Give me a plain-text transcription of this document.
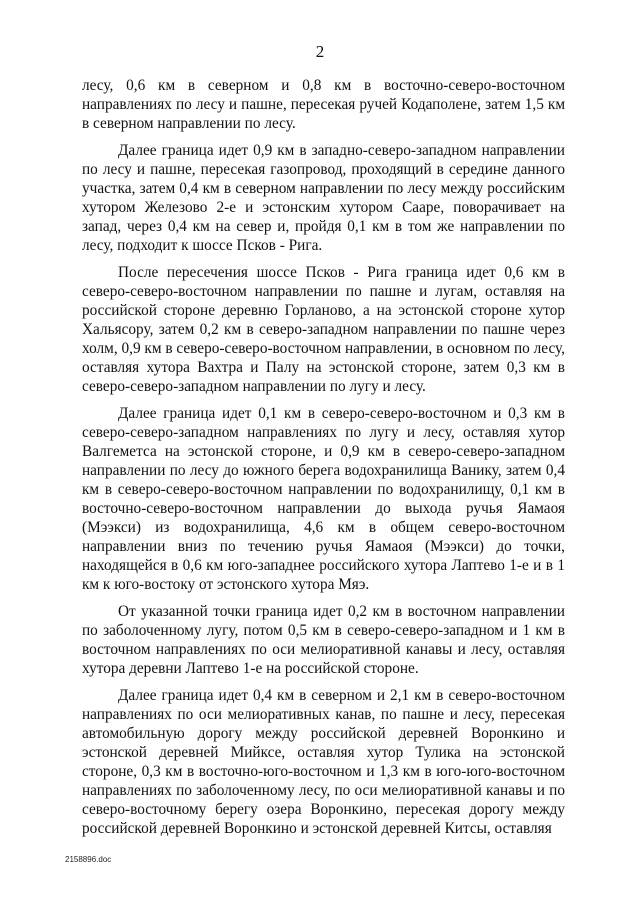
2

лесу, 0,6 км в северном и 0,8 км в восточно-северо-восточном направлениях по лесу и пашне, пересекая ручей Кодаполене, затем 1,5 км в северном направлении по лесу.

Далее граница идет 0,9 км в западно-северо-западном направлении по лесу и пашне, пересекая газопровод, проходящий в середине данного участка, затем 0,4 км в северном направлении по лесу между российским хутором Железово 2-е и эстонским хутором Сааре, поворачивает на запад, через 0,4 км на север и, пройдя 0,1 км в том же направлении по лесу, подходит к шоссе Псков - Рига.

После пересечения шоссе Псков - Рига граница идет 0,6 км в северо-северо-восточном направлении по пашне и лугам, оставляя на российской стороне деревню Горланово, а на эстонской стороне хутор Хальясору, затем 0,2 км в северо-западном направлении по пашне через холм, 0,9 км в северо-северо-восточном направлении, в основном по лесу, оставляя хутора Вахтра и Палу на эстонской стороне, затем 0,3 км в северо-северо-западном направлении по лугу и лесу.

Далее граница идет 0,1 км в северо-северо-восточном и 0,3 км в северо-северо-западном направлениях по лугу и лесу, оставляя хутор Валгеметса на эстонской стороне, и 0,9 км в северо-северо-западном направлении по лесу до южного берега водохранилища Ванику, затем 0,4 км в северо-северо-восточном направлении по водохранилищу, 0,1 км в восточно-северо-восточном направлении до выхода ручья Яамаоя (Мээкси) из водохранилища, 4,6 км в общем северо-восточном направлении вниз по течению ручья Яамаоя (Мээкси) до точки, находящейся в 0,6 км юго-западнее российского хутора Лаптево 1-е и в 1 км к юго-востоку от эстонского хутора Мяэ.

От указанной точки граница идет 0,2 км в восточном направлении по заболоченному лугу, потом 0,5 км в северо-северо-западном и 1 км в восточном направлениях по оси мелиоративной канавы и лесу, оставляя хутора деревни Лаптево 1-е на российской стороне.

Далее граница идет 0,4 км в северном и 2,1 км в северо-восточном направлениях по оси мелиоративных канав, по пашне и лесу, пересекая автомобильную дорогу между российской деревней Воронкино и эстонской деревней Мийксе, оставляя хутор Тулика на эстонской стороне, 0,3 км в восточно-юго-восточном и 1,3 км в юго-юго-восточном направлениях по заболоченному лесу, по оси мелиоративной канавы и по северо-восточному берегу озера Воронкино, пересекая дорогу между российской деревней Воронкино и эстонской деревней Китсы, оставляя

2158896.doc
